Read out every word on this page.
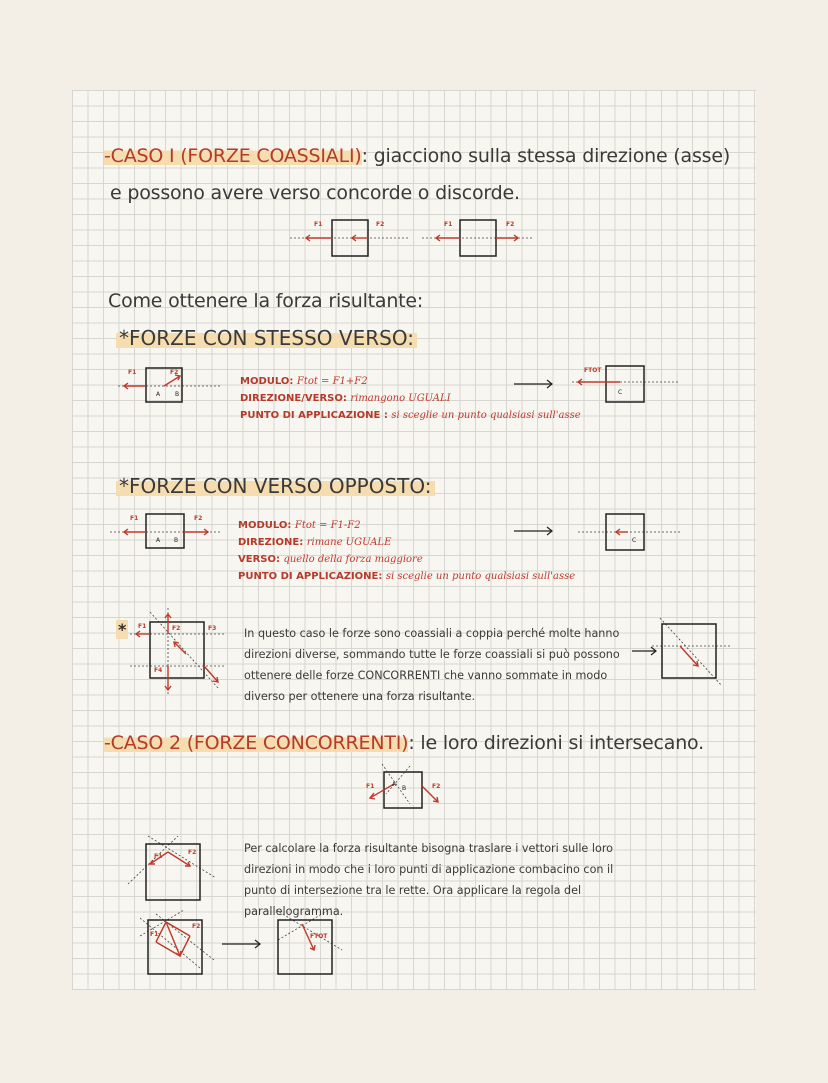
-CASO I (FORZE COASSIALI): giacciono sulla stessa direzione (asse)
e possono avere verso concorde o discorde.
F1	F2	F1	F2
Come ottenere la forza risultante:
*FORZE CON STESSO VERSO:
F1	F2
A B
MODULO: Ftot = F1+F2
DIREZIONE/VERSO: rimangono UGUALI
PUNTO DI APPLICAZIONE : si sceglie un punto qualsiasi sull'asse
FTOT
C
*FORZE CON VERSO OPPOSTO:
F1	F2
A B
MODULO: Ftot = F1-F2
DIREZIONE: rimane UGUALE
VERSO: quello della forza maggiore
PUNTO DI APPLICAZIONE: si sceglie un punto qualsiasi sull'asse
C
*	F1	F2	F3
F4
In questo caso le forze sono coassiali a coppia perché molte hanno direzioni diverse, sommando tutte le forze coassiali si può possono ottenere delle forze CONCORRENTI che vanno sommate in modo diverso per ottenere una forza risultante.
-CASO 2 (FORZE CONCORRENTI): le loro direzioni si intersecano.
F1	F2
A
B
Per calcolare la forza risultante bisogna traslare i vettori sulle loro direzioni in modo che i loro punti di applicazione combacino con il punto di intersezione tra le rette. Ora applicare la regola del parallelogramma.
F1
F2
F1
F2
FTOT
